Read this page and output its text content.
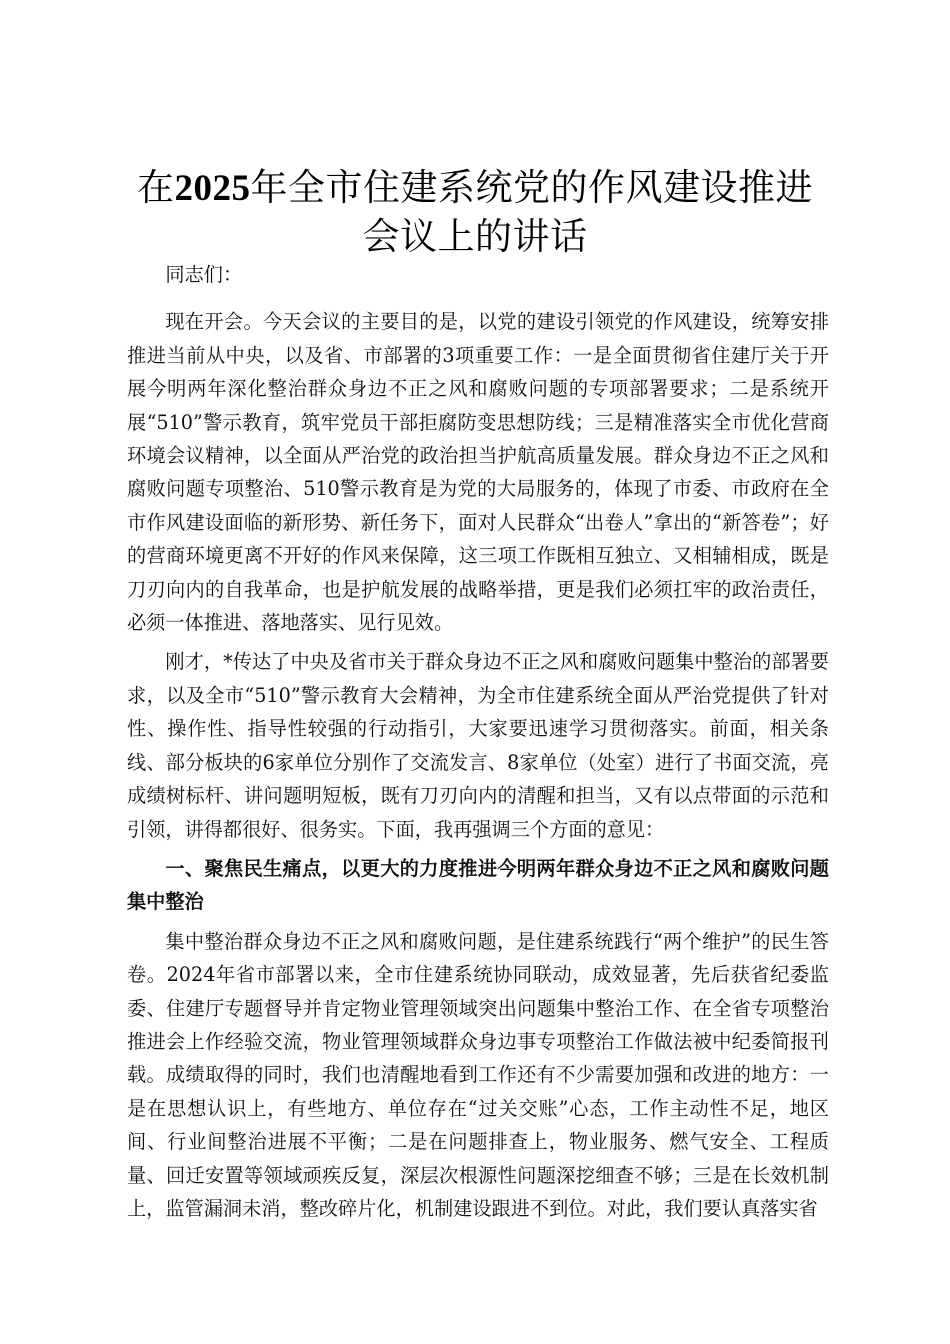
在2025年全市住建系统党的作风建设推进会议上的讲话

同志们：

现在开会。今天会议的主要目的是，以党的建设引领党的作风建设，统筹安排推进当前从中央，以及省、市部署的3项重要工作：一是全面贯彻省住建厅关于开展今明两年深化整治群众身边不正之风和腐败问题的专项部署要求；二是系统开展“510”警示教育，筑牢党员干部拒腐防变思想防线；三是精准落实全市优化营商环境会议精神，以全面从严治党的政治担当护航高质量发展。群众身边不正之风和腐败问题专项整治、510警示教育是为党的大局服务的，体现了市委、市政府在全市作风建设面临的新形势、新任务下，面对人民群众“出卷人”拿出的“新答卷”；好的营商环境更离不开好的作风来保障，这三项工作既相互独立、又相辅相成，既是刀刃向内的自我革命，也是护航发展的战略举措，更是我们必须扛牢的政治责任，必须一体推进、落地落实、见行见效。

刚才，*传达了中央及省市关于群众身边不正之风和腐败问题集中整治的部署要求，以及全市“510”警示教育大会精神，为全市住建系统全面从严治党提供了针对性、操作性、指导性较强的行动指引，大家要迅速学习贯彻落实。前面，相关条线、部分板块的6家单位分别作了交流发言、8家单位（处室）进行了书面交流，亮成绩树标杆、讲问题明短板，既有刀刃向内的清醒和担当，又有以点带面的示范和引领，讲得都很好、很务实。下面，我再强调三个方面的意见：

一、聚焦民生痛点，以更大的力度推进今明两年群众身边不正之风和腐败问题集中整治

集中整治群众身边不正之风和腐败问题，是住建系统践行“两个维护”的民生答卷。2024年省市部署以来，全市住建系统协同联动，成效显著，先后获省纪委监委、住建厅专题督导并肯定物业管理领域突出问题集中整治工作、在全省专项整治推进会上作经验交流，物业管理领域群众身边事专项整治工作做法被中纪委简报刊载。成绩取得的同时，我们也清醒地看到工作还有不少需要加强和改进的地方：一是在思想认识上，有些地方、单位存在“过关交账”心态，工作主动性不足，地区间、行业间整治进展不平衡；二是在问题排查上，物业服务、燃气安全、工程质量、回迁安置等领域顽疾反复，深层次根源性问题深挖细查不够；三是在长效机制上，监管漏洞未消，整改碎片化，机制建设跟进不到位。对此，我们要认真落实省
